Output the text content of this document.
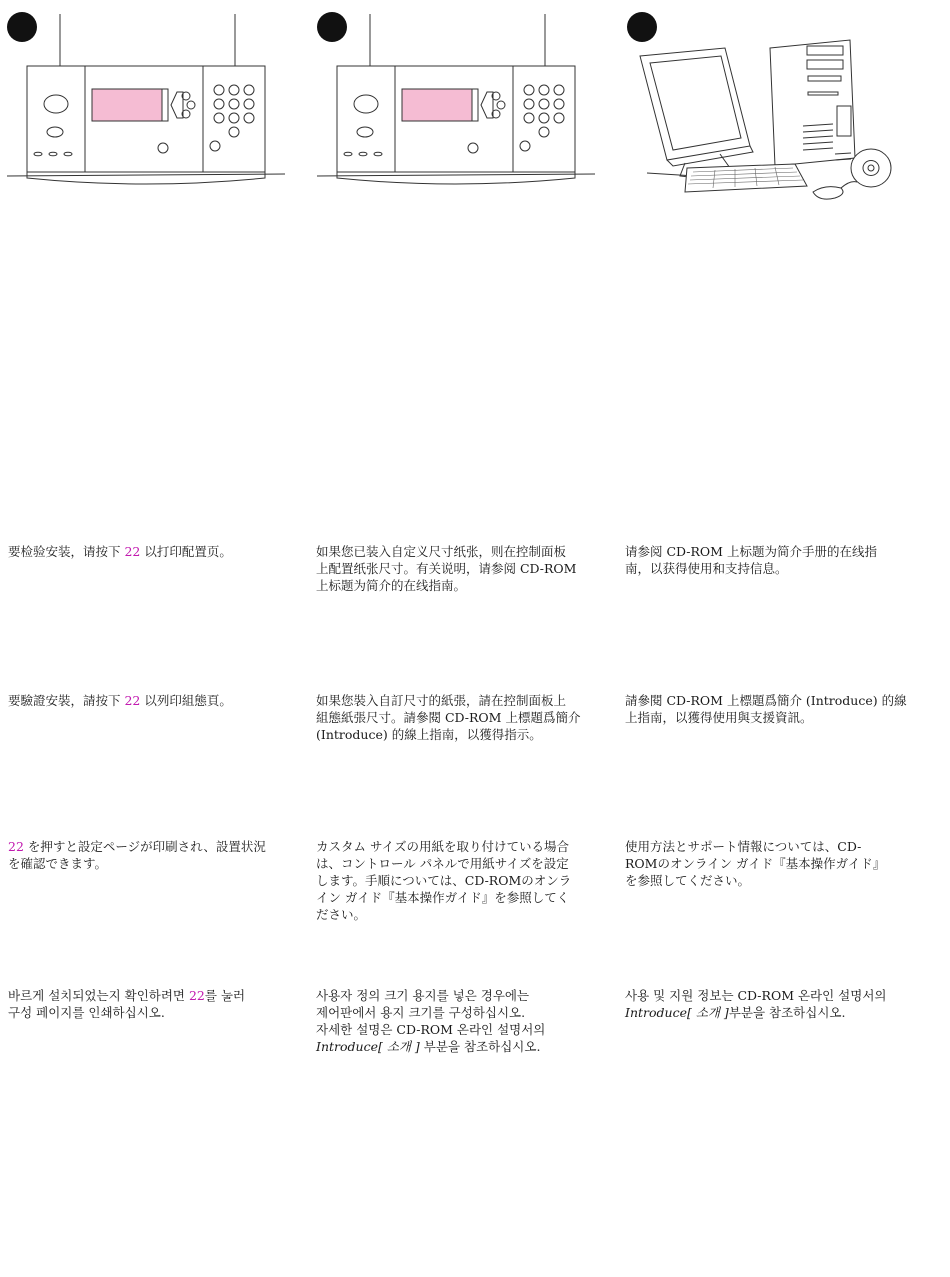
要检验安装，请按下 22 以打印配置页。	如果您已装入自定义尺寸纸张，则在控制面板
上配置纸张尺寸。有关说明，请参阅 CD-ROM
上标题为简介的在线指南。
请参阅 CD-ROM 上标题为简介手册的在线指
南，以获得使用和支持信息。
要驗證安裝，請按下 22 以列印組態頁。	如果您裝入自訂尺寸的紙張，請在控制面板上
組態紙張尺寸。請參閱 CD-ROM 上標題爲簡介
(Introduce) 的線上指南，以獲得指示。
請參閱 CD-ROM 上標題爲簡介 (Introduce) 的線
上指南，以獲得使用與支援資訊。
22 を押すと設定ページが印刷され、設置状況
を確認できます。
カスタム サイズの用紙を取り付けている場合
は、コントロール パネルで用紙サイズを設定
します。手順については、CD-ROMのオンラ
イン ガイド『基本操作ガイド』を参照してく
ださい。
使用方法とサポート情報については、CD-
ROMのオンライン ガイド『基本操作ガイド』
を参照してください。
바르게 설치되었는지 확인하려면 22를 눌러
구성 페이지를 인쇄하십시오.
사용자 정의 크기 용지를 넣은 경우에는
제어판에서 용지 크기를 구성하십시오.
자세한 설명은 CD-ROM 온라인 설명서의
Introduce[ 소개 ] 부분을 참조하십시오.
사용 및 지원 정보는 CD-ROM 온라인 설명서의
Introduce[ 소개 ]부분을 참조하십시오.
